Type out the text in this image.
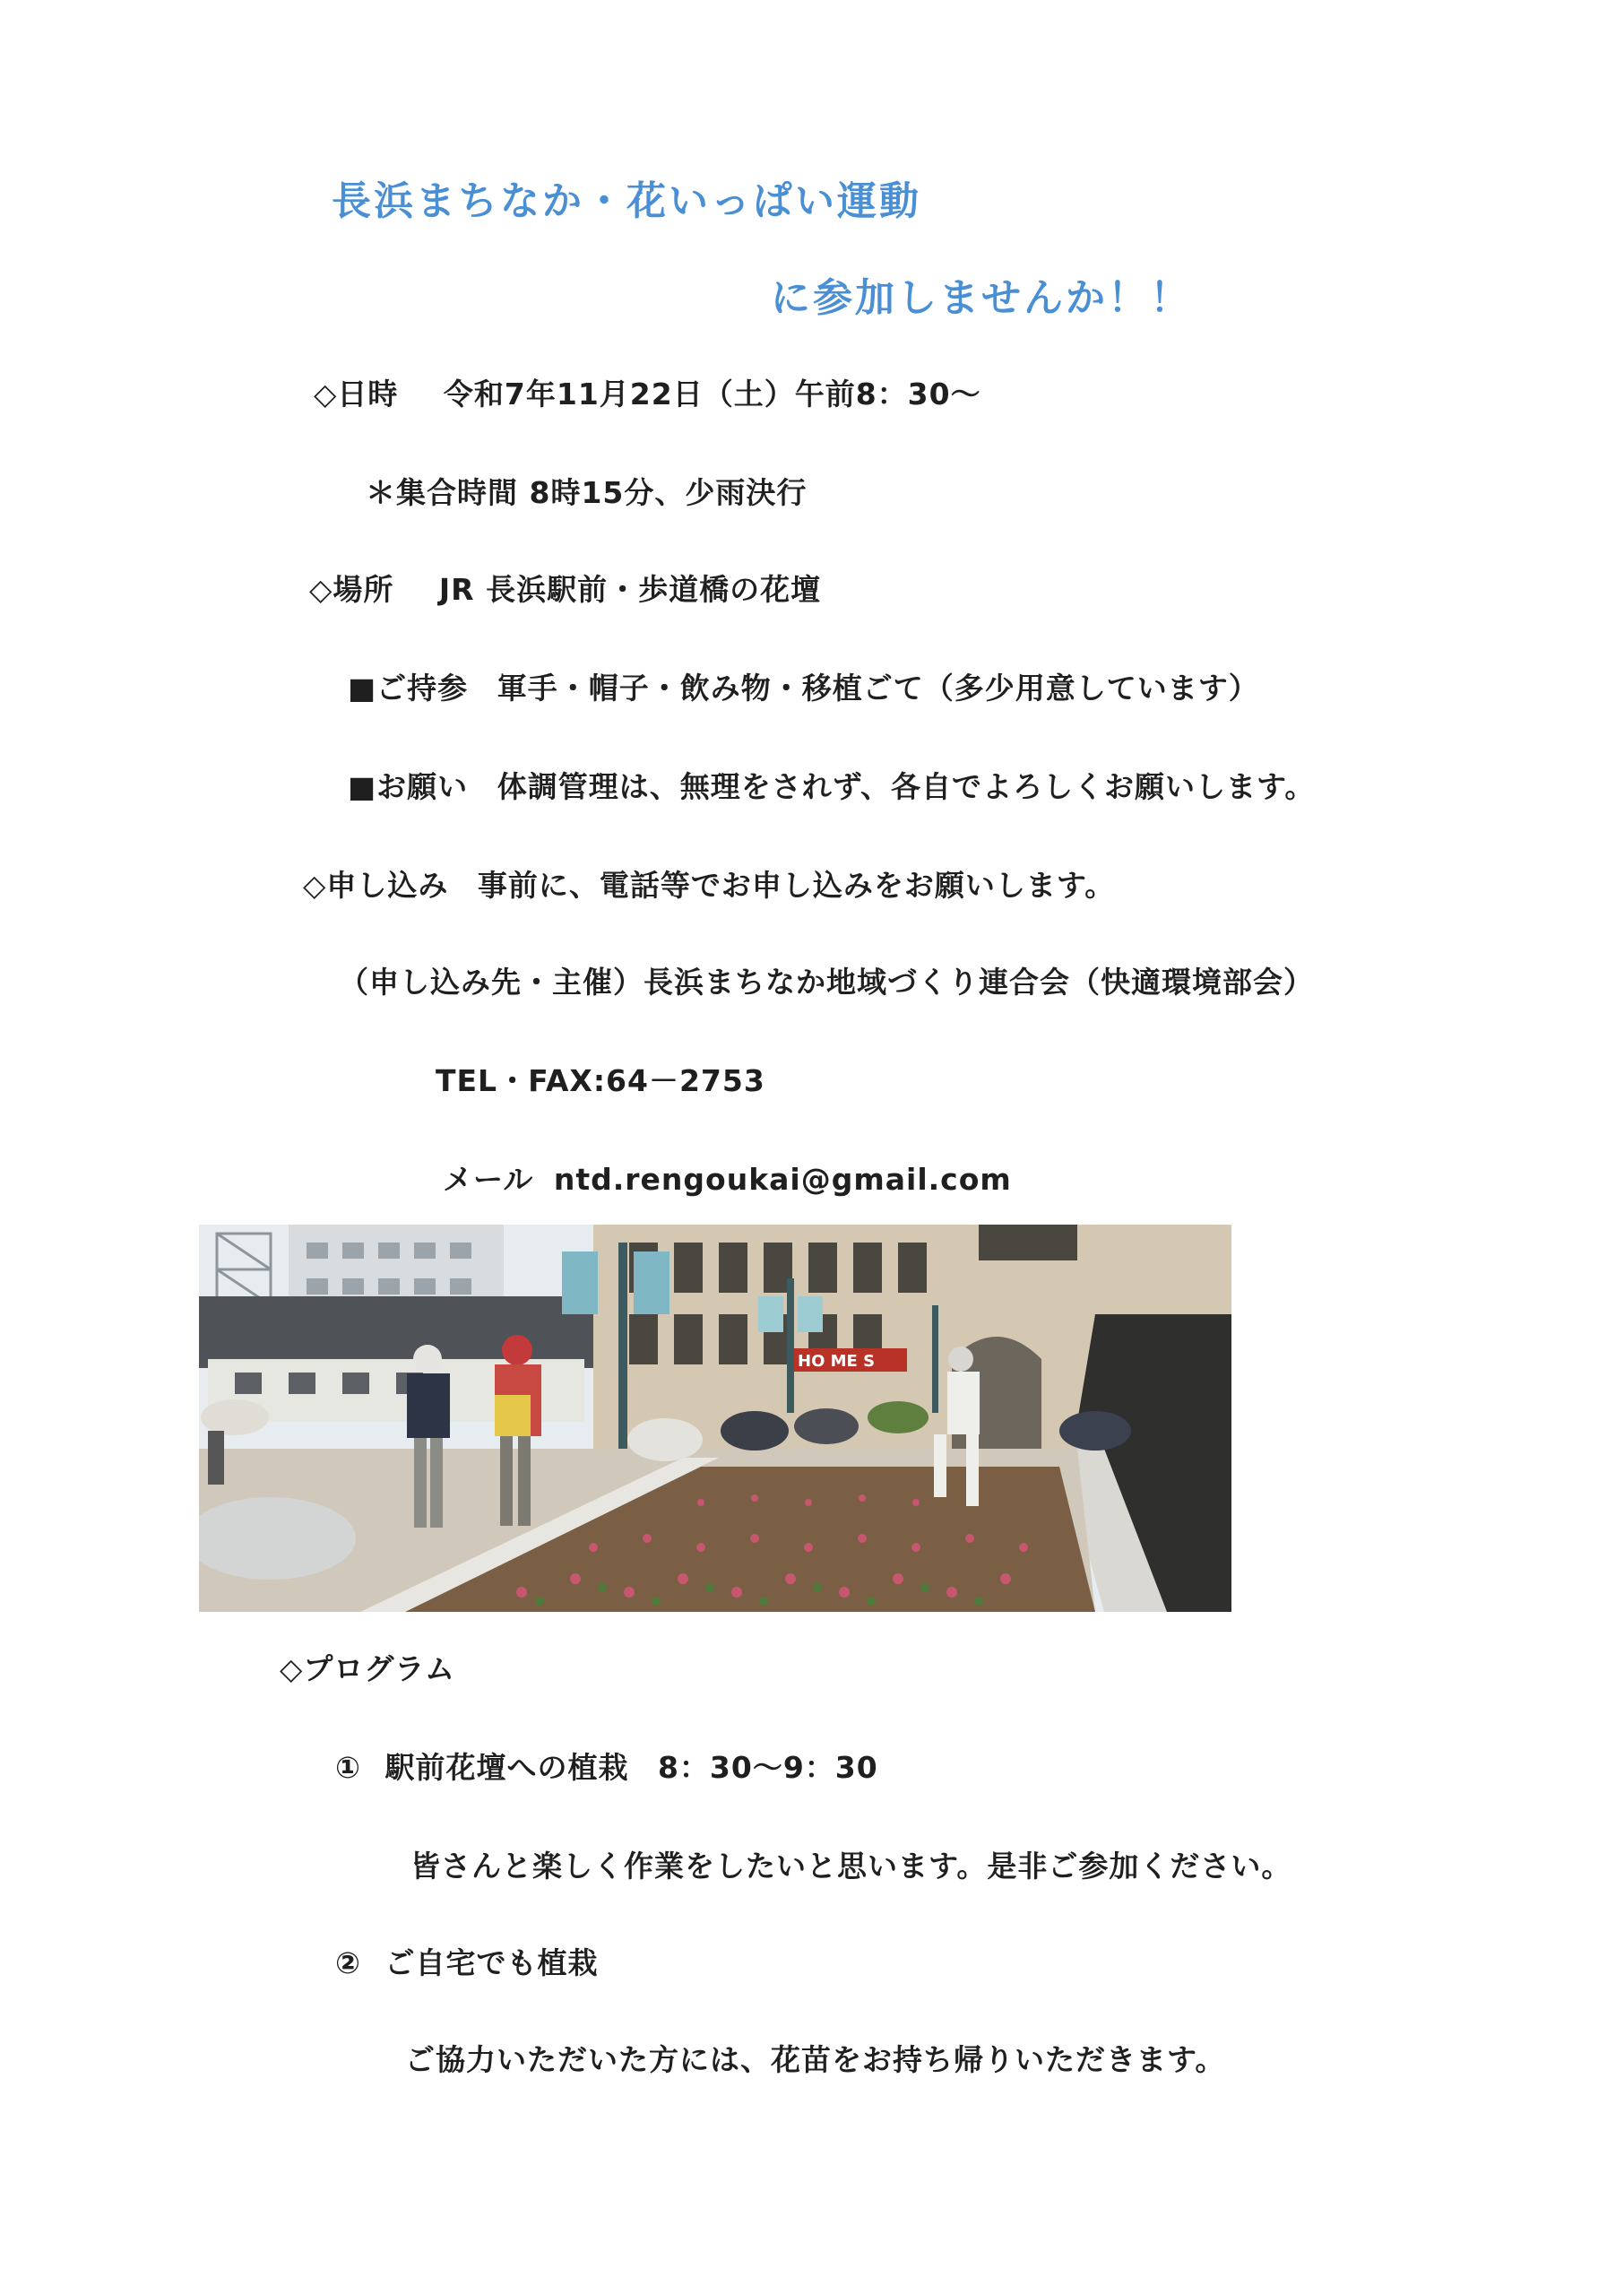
長浜まちなか・花いっぱい運動
に参加しませんか！！
◇日時 令和7年11月22日（土）午前8：30～
＊集合時間 8時15分、少雨決行
◇場所 JR 長浜駅前・歩道橋の花壇
■ご持参 軍手・帽子・飲み物・移植ごて（多少用意しています）
■お願い 体調管理は、無理をされず、各自でよろしくお願いします。
◇申し込み 事前に、電話等でお申し込みをお願いします。
（申し込み先・主催）長浜まちなか地域づくり連合会（快適環境部会）
TEL・FAX:64－2753
メール ntd.rengoukai@gmail.com
HO ME S
◇プログラム
① 駅前花壇への植栽 8：30～9：30
皆さんと楽しく作業をしたいと思います。是非ご参加ください。
② ご自宅でも植栽
ご協力いただいた方には、花苗をお持ち帰りいただきます。
